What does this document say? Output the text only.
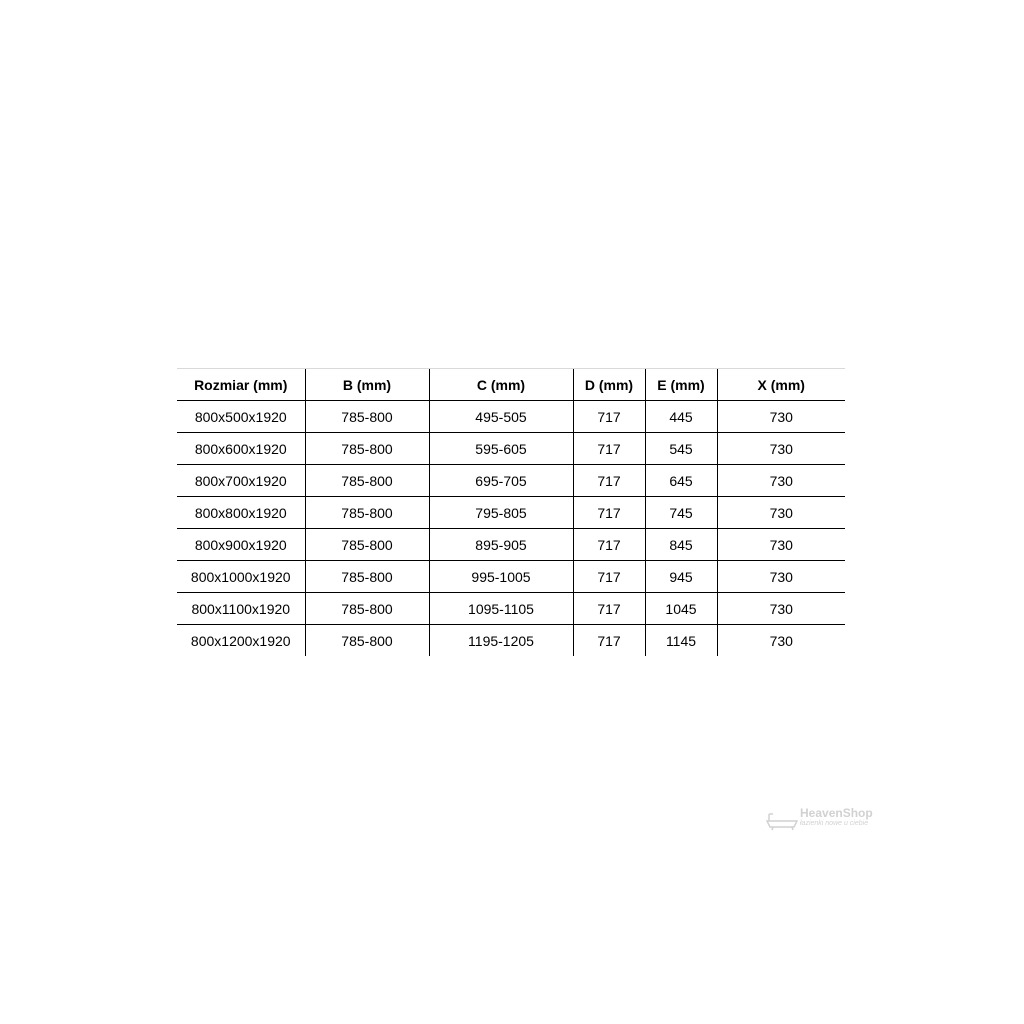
Rozmiar (mm)	B (mm)	C (mm)	D (mm)	E (mm)	X (mm)
800x500x1920	785-800	495-505	717	445	730
800x600x1920	785-800	595-605	717	545	730
800x700x1920	785-800	695-705	717	645	730
800x800x1920	785-800	795-805	717	745	730
800x900x1920	785-800	895-905	717	845	730
800x1000x1920	785-800	995-1005	717	945	730
800x1100x1920	785-800	1095-1105	717	1045	730
800x1200x1920	785-800	1195-1205	717	1145	730
HeavenShop
łazienki nowe u ciebie
